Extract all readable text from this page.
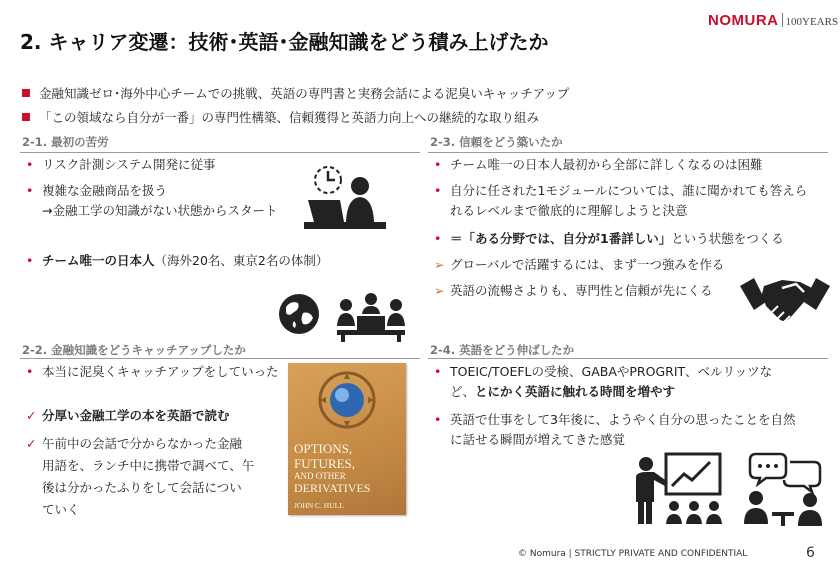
2. キャリア変遷：技術･英語･金融知識をどう積み上げたか
NOMURA 100YEARS
金融知識ゼロ･海外中心チームでの挑戦、英語の専門書と実務会話による泥臭いキャッチアップ
「この領域なら自分が一番」の専門性構築、信頼獲得と英語力向上への継続的な取り組み
2-1. 最初の苦労
• リスク計測システム開発に従事
• 複雑な金融商品を扱う
→金融工学の知識がない状態からスタート
• チーム唯一の日本人（海外20名、東京2名の体制）
2-3. 信頼をどう築いたか
• チーム唯一の日本人最初から全部に詳しくなるのは困難
• 自分に任された1モジュールについては、誰に聞かれても答えら
れるレベルまで徹底的に理解しようと決意
• ＝「ある分野では、自分が1番詳しい」という状態をつくる
➢ グローバルで活躍するには、まず一つ強みを作る
➢ 英語の流暢さよりも、専門性と信頼が先にくる
2-2. 金融知識をどうキャッチアップしたか
• 本当に泥臭くキャッチアップをしていった
✓ 分厚い金融工学の本を英語で読む
✓ 午前中の会話で分からなかった金融
用語を、ランチ中に携帯で調べて、午
後は分かったふりをして会話につい
ていく
OPTIONS,
FUTURES,
AND OTHER
DERIVATIVES
JOHN C. HULL
2-4. 英語をどう伸ばしたか
• TOEIC/TOEFLの受検、GABAやPROGRIT、ベルリッツな
ど、とにかく英語に触れる時間を増やす
• 英語で仕事をして3年後に、ようやく自分の思ったことを自然
に話せる瞬間が増えてきた感覚
© Nomura | STRICTLY PRIVATE AND CONFIDENTIAL	6
